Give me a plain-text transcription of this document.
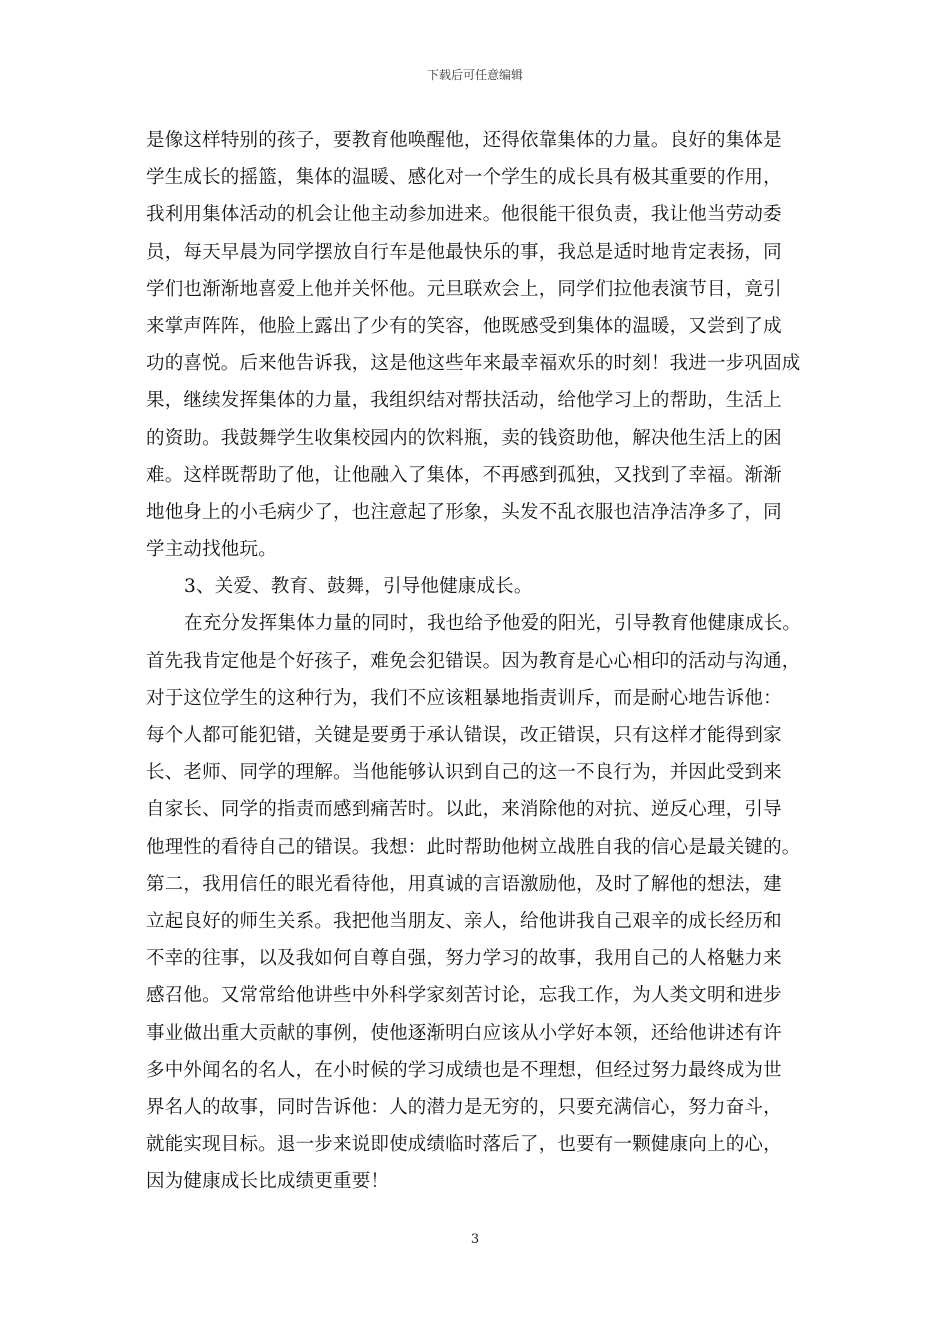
下载后可任意编辑
是像这样特别的孩子，要教育他唤醒他，还得依靠集体的力量。良好的集体是
学生成长的摇篮，集体的温暖、感化对一个学生的成长具有极其重要的作用，
我利用集体活动的机会让他主动参加进来。他很能干很负责，我让他当劳动委
员，每天早晨为同学摆放自行车是他最快乐的事，我总是适时地肯定表扬，同
学们也渐渐地喜爱上他并关怀他。元旦联欢会上，同学们拉他表演节目，竟引
来掌声阵阵，他脸上露出了少有的笑容，他既感受到集体的温暖，又尝到了成
功的喜悦。后来他告诉我，这是他这些年来最幸福欢乐的时刻！我进一步巩固成
果，继续发挥集体的力量，我组织结对帮扶活动，给他学习上的帮助，生活上
的资助。我鼓舞学生收集校园内的饮料瓶，卖的钱资助他，解决他生活上的困
难。这样既帮助了他，让他融入了集体，不再感到孤独，又找到了幸福。渐渐
地他身上的小毛病少了，也注意起了形象，头发不乱衣服也洁净洁净多了，同
学主动找他玩。
3、关爱、教育、鼓舞，引导他健康成长。
在充分发挥集体力量的同时，我也给予他爱的阳光，引导教育他健康成长。
首先我肯定他是个好孩子，难免会犯错误。因为教育是心心相印的活动与沟通，
对于这位学生的这种行为，我们不应该粗暴地指责训斥，而是耐心地告诉他：
每个人都可能犯错，关键是要勇于承认错误，改正错误，只有这样才能得到家
长、老师、同学的理解。当他能够认识到自己的这一不良行为，并因此受到来
自家长、同学的指责而感到痛苦时。以此，来消除他的对抗、逆反心理，引导
他理性的看待自己的错误。我想：此时帮助他树立战胜自我的信心是最关键的。
第二，我用信任的眼光看待他，用真诚的言语激励他，及时了解他的想法，建
立起良好的师生关系。我把他当朋友、亲人，给他讲我自己艰辛的成长经历和
不幸的往事，以及我如何自尊自强，努力学习的故事，我用自己的人格魅力来
感召他。又常常给他讲些中外科学家刻苦讨论，忘我工作，为人类文明和进步
事业做出重大贡献的事例，使他逐渐明白应该从小学好本领，还给他讲述有许
多中外闻名的名人，在小时候的学习成绩也是不理想，但经过努力最终成为世
界名人的故事，同时告诉他：人的潜力是无穷的，只要充满信心，努力奋斗，
就能实现目标。退一步来说即使成绩临时落后了，也要有一颗健康向上的心，
因为健康成长比成绩更重要！
3
